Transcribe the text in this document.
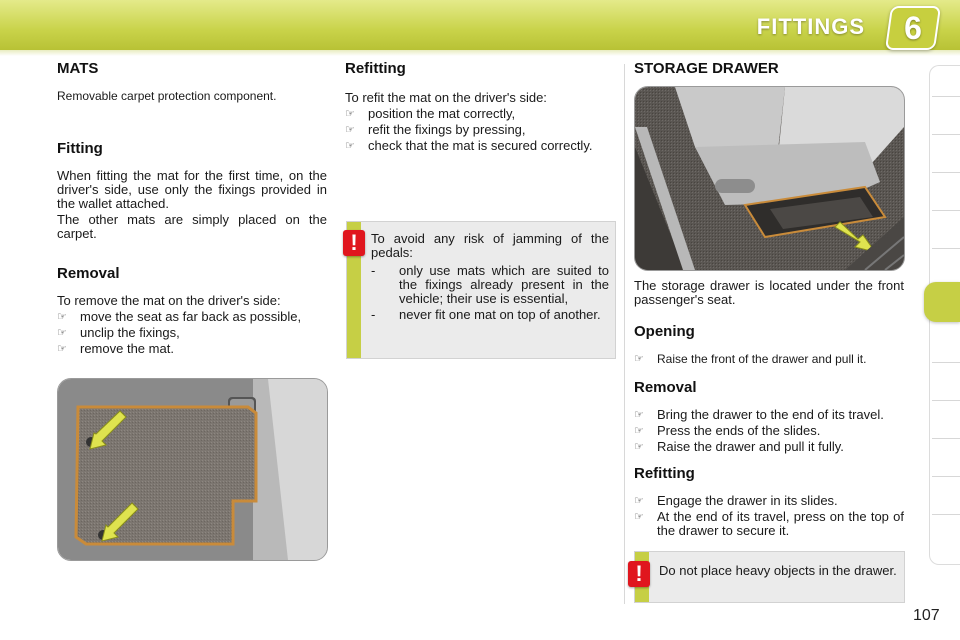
FITTINGS	6
MATS

Removable carpet protection component.

Fitting

When fitting the mat for the first time, on the driver's side, use only the fixings provided in the wallet attached.

The other mats are simply placed on the carpet.

Removal

To remove the mat on the driver's side:

☞ move the seat as far back as possible,
☞ unclip the fixings,
☞ remove the mat.
Refitting

To refit the mat on the driver's side:

☞ position the mat correctly,
☞ refit the fixings by pressing,
☞ check that the mat is secured correctly.

To avoid any risk of jamming of the pedals:

- only use mats which are suited to the fixings already present in the vehicle; their use is essential,
- never fit one mat on top of another.
!
STORAGE DRAWER

The storage drawer is located under the front passenger's seat.

Opening
☞ Raise the front of the drawer and pull it.
Removal
☞ Bring the drawer to the end of its travel.
☞ Press the ends of the slides.
☞ Raise the drawer and pull it fully.
Refitting
☞ Engage the drawer in its slides.
☞ At the end of its travel, press on the top of the drawer to secure it.

Do not place heavy objects in the drawer.

!
107
